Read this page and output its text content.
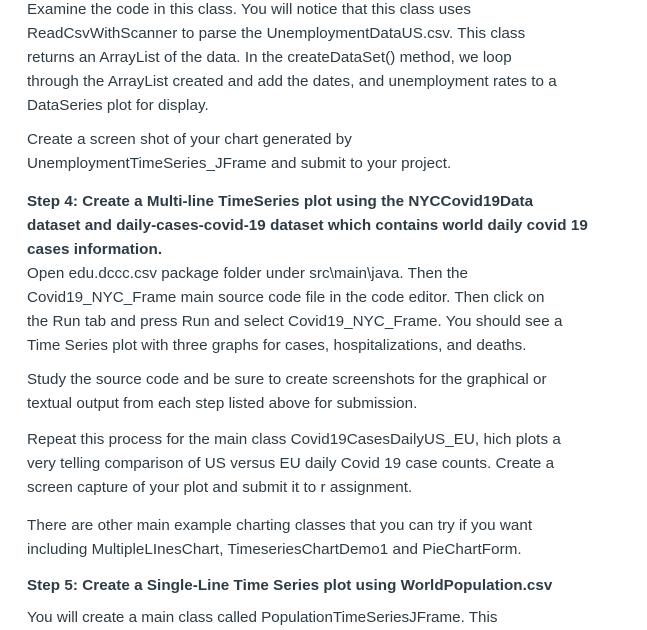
Examine the code in this class. You will notice that this class uses
ReadCsvWithScanner to parse the UnemploymentDataUS.csv. This class
returns an ArrayList of the data. In the createDataSet() method, we loop
through the ArrayList created and add the dates, and unemployment rates to a
DataSeries plot for display.

Create a screen shot of your chart generated by
UnemploymentTimeSeries_JFrame and submit to your project.

Step 4: Create a Multi-line TimeSeries plot using the NYCCovid19Data
dataset and daily-cases-covid-19 dataset which contains world daily covid 19
cases information.
Open edu.dccc.csv package folder under src\main\java. Then the
Covid19_NYC_Frame main source code file in the code editor. Then click on
the Run tab and press Run and select Covid19_NYC_Frame. You should see a
Time Series plot with three graphs for cases, hospitalizations, and deaths.

Study the source code and be sure to create screenshots for the graphical or
textual output from each step listed above for submission.

Repeat this process for the main class Covid19CasesDailyUS_EU, hich plots a
very telling comparison of US versus EU daily Covid 19 case counts. Create a
screen capture of your plot and submit it to r assignment.

There are other main example charting classes that you can try if you want
including MultipleLInesChart, TimeseriesChartDemo1 and PieChartForm.

Step 5: Create a Single-Line Time Series plot using WorldPopulation.csv

You will create a main class called PopulationTimeSeriesJFrame. This
